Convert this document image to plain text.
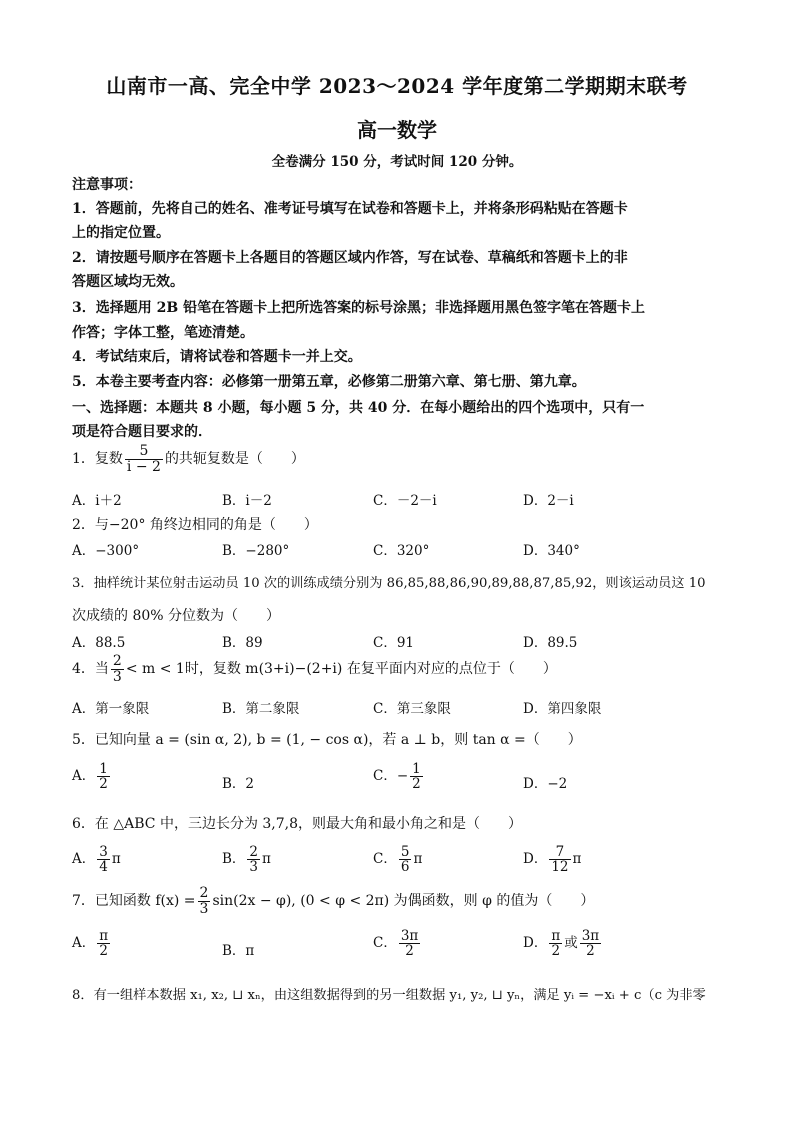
山南市一高、完全中学 2023～2024 学年度第二学期期末联考
高一数学
全卷满分 150 分，考试时间 120 分钟。
注意事项：
1．答题前，先将自己的姓名、准考证号填写在试卷和答题卡上，并将条形码粘贴在答题卡
上的指定位置。
2．请按题号顺序在答题卡上各题目的答题区域内作答，写在试卷、草稿纸和答题卡上的非
答题区域均无效。
3．选择题用 2B 铅笔在答题卡上把所选答案的标号涂黑；非选择题用黑色签字笔在答题卡上
作答；字体工整，笔迹清楚。
4．考试结束后，请将试卷和答题卡一并上交。
5．本卷主要考查内容：必修第一册第五章，必修第二册第六章、第七册、第九章。
一、选择题：本题共 8 小题，每小题 5 分，共 40 分．在每小题给出的四个选项中，只有一
项是符合题目要求的．
1．复数 $\frac{5}{i - 2}$ 的共轭复数是（　　）
A．i＋2	B．i－2	C．－2－i	D．2－i
2．与−20° 角终边相同的角是（　　）
A．−300°	B．−280°	C．320°	D．340°
3．抽样统计某位射击运动员 10 次的训练成绩分别为 86,85,88,86,90,89,88,87,85,92，则该运动员这 10
次成绩的 80% 分位数为（　　）
A．88.5	B．89	C．91	D．89.5
4．当 $\frac{2}{3} < m < 1$时，复数 m(3+i)−(2+i) 在复平面内对应的点位于（　　）
A．第一象限	B．第二象限	C．第三象限	D．第四象限
5．已知向量 a = (sin α, 2), b = (1, − cos α)，若 a ⊥ b，则 tan α =（　　）
A． $\frac{1}{2}$	B．2	C．− $\frac{1}{2}$	D．−2
6．在 △ABC 中，三边长分为 3,7,8，则最大角和最小角之和是（　　）
A． $\frac{3}{4}$ π	B． $\frac{2}{3}$ π	C． $\frac{5}{6}$ π	D． $\frac{7}{12}$ π
7．已知函数 $f(x) = \frac{2}{3} \sin(2x - \varphi)$, (0 < φ < 2π) 为偶函数，则 φ 的值为（　　）
A． $\frac{\pi}{2}$	B．π	C． $\frac{3\pi}{2}$	D． $\frac{\pi}{2}$ 或 $\frac{3\pi}{2}$
8．有一组样本数据 x₁, x₂, ⊔ xₙ，由这组数据得到的另一组数据 y₁, y₂, ⊔ yₙ，满足 yᵢ = −xᵢ + c（c 为非零
